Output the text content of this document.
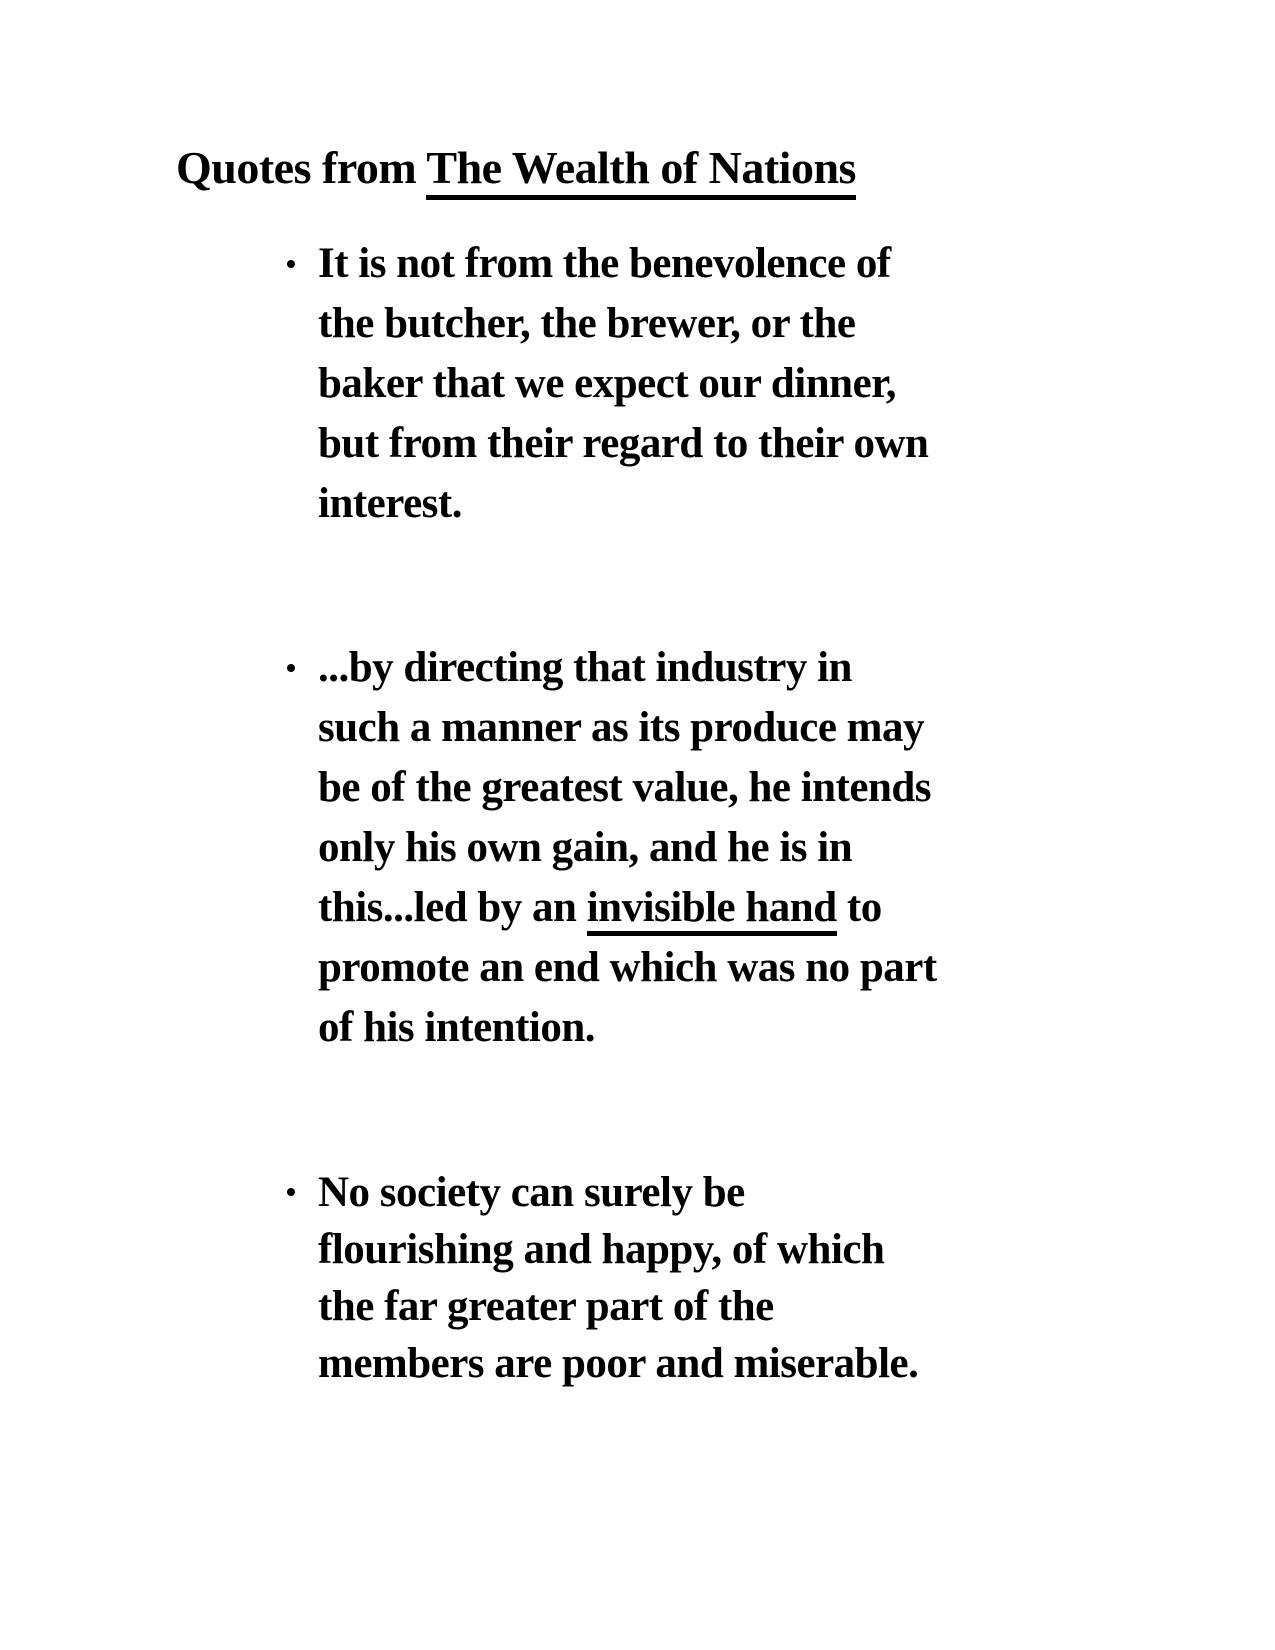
Quotes from The Wealth of Nations
It is not from the benevolence of
the butcher, the brewer, or the
baker that we expect our dinner,
but from their regard to their own
interest.
...by directing that industry in
such a manner as its produce may
be of the greatest value, he intends
only his own gain, and he is in
this...led by an invisible hand to
promote an end which was no part
of his intention.
No society can surely be
flourishing and happy, of which
the far greater part of the
members are poor and miserable.
